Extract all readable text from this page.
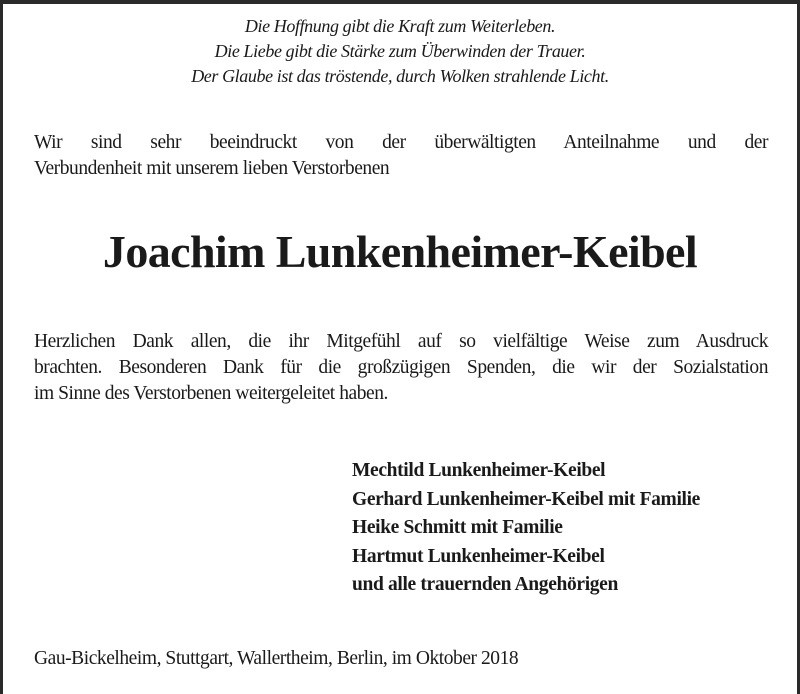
Die Hoffnung gibt die Kraft zum Weiterleben.
Die Liebe gibt die Stärke zum Überwinden der Trauer.
Der Glaube ist das tröstende, durch Wolken strahlende Licht.
Wir sind sehr beeindruckt von der überwältigten Anteilnahme und der
Verbundenheit mit unserem lieben Verstorbenen
Joachim Lunkenheimer-Keibel
Herzlichen Dank allen, die ihr Mitgefühl auf so vielfältige Weise zum Ausdruck
brachten. Besonderen Dank für die großzügigen Spenden, die wir der Sozialstation
im Sinne des Verstorbenen weitergeleitet haben.
Mechtild Lunkenheimer-Keibel
Gerhard Lunkenheimer-Keibel mit Familie
Heike Schmitt mit Familie
Hartmut Lunkenheimer-Keibel
und alle trauernden Angehörigen
Gau-Bickelheim, Stuttgart, Wallertheim, Berlin, im Oktober 2018
